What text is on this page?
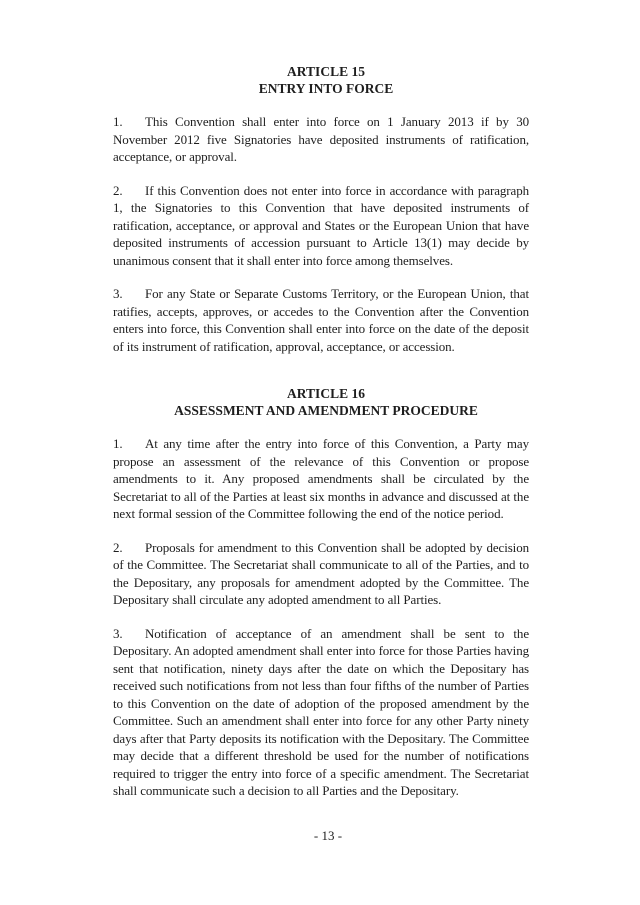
ARTICLE 15

ENTRY INTO FORCE

1. This Convention shall enter into force on 1 January 2013 if by 30 November 2012 five Signatories have deposited instruments of ratification, acceptance, or approval.

2. If this Convention does not enter into force in accordance with paragraph 1, the Signatories to this Convention that have deposited instruments of ratification, acceptance, or approval and States or the European Union that have deposited instruments of accession pursuant to Article 13(1) may decide by unanimous consent that it shall enter into force among themselves.

3. For any State or Separate Customs Territory, or the European Union, that ratifies, accepts, approves, or accedes to the Convention after the Convention enters into force, this Convention shall enter into force on the date of the deposit of its instrument of ratification, approval, acceptance, or accession.

ARTICLE 16

ASSESSMENT AND AMENDMENT PROCEDURE

1. At any time after the entry into force of this Convention, a Party may propose an assessment of the relevance of this Convention or propose amendments to it. Any proposed amendments shall be circulated by the Secretariat to all of the Parties at least six months in advance and discussed at the next formal session of the Committee following the end of the notice period.

2. Proposals for amendment to this Convention shall be adopted by decision of the Committee. The Secretariat shall communicate to all of the Parties, and to the Depositary, any proposals for amendment adopted by the Committee. The Depositary shall circulate any adopted amendment to all Parties.

3. Notification of acceptance of an amendment shall be sent to the Depositary. An adopted amendment shall enter into force for those Parties having sent that notification, ninety days after the date on which the Depositary has received such notifications from not less than four fifths of the number of Parties to this Convention on the date of adoption of the proposed amendment by the Committee. Such an amendment shall enter into force for any other Party ninety days after that Party deposits its notification with the Depositary. The Committee may decide that a different threshold be used for the number of notifications required to trigger the entry into force of a specific amendment. The Secretariat shall communicate such a decision to all Parties and the Depositary.

- 13 -
